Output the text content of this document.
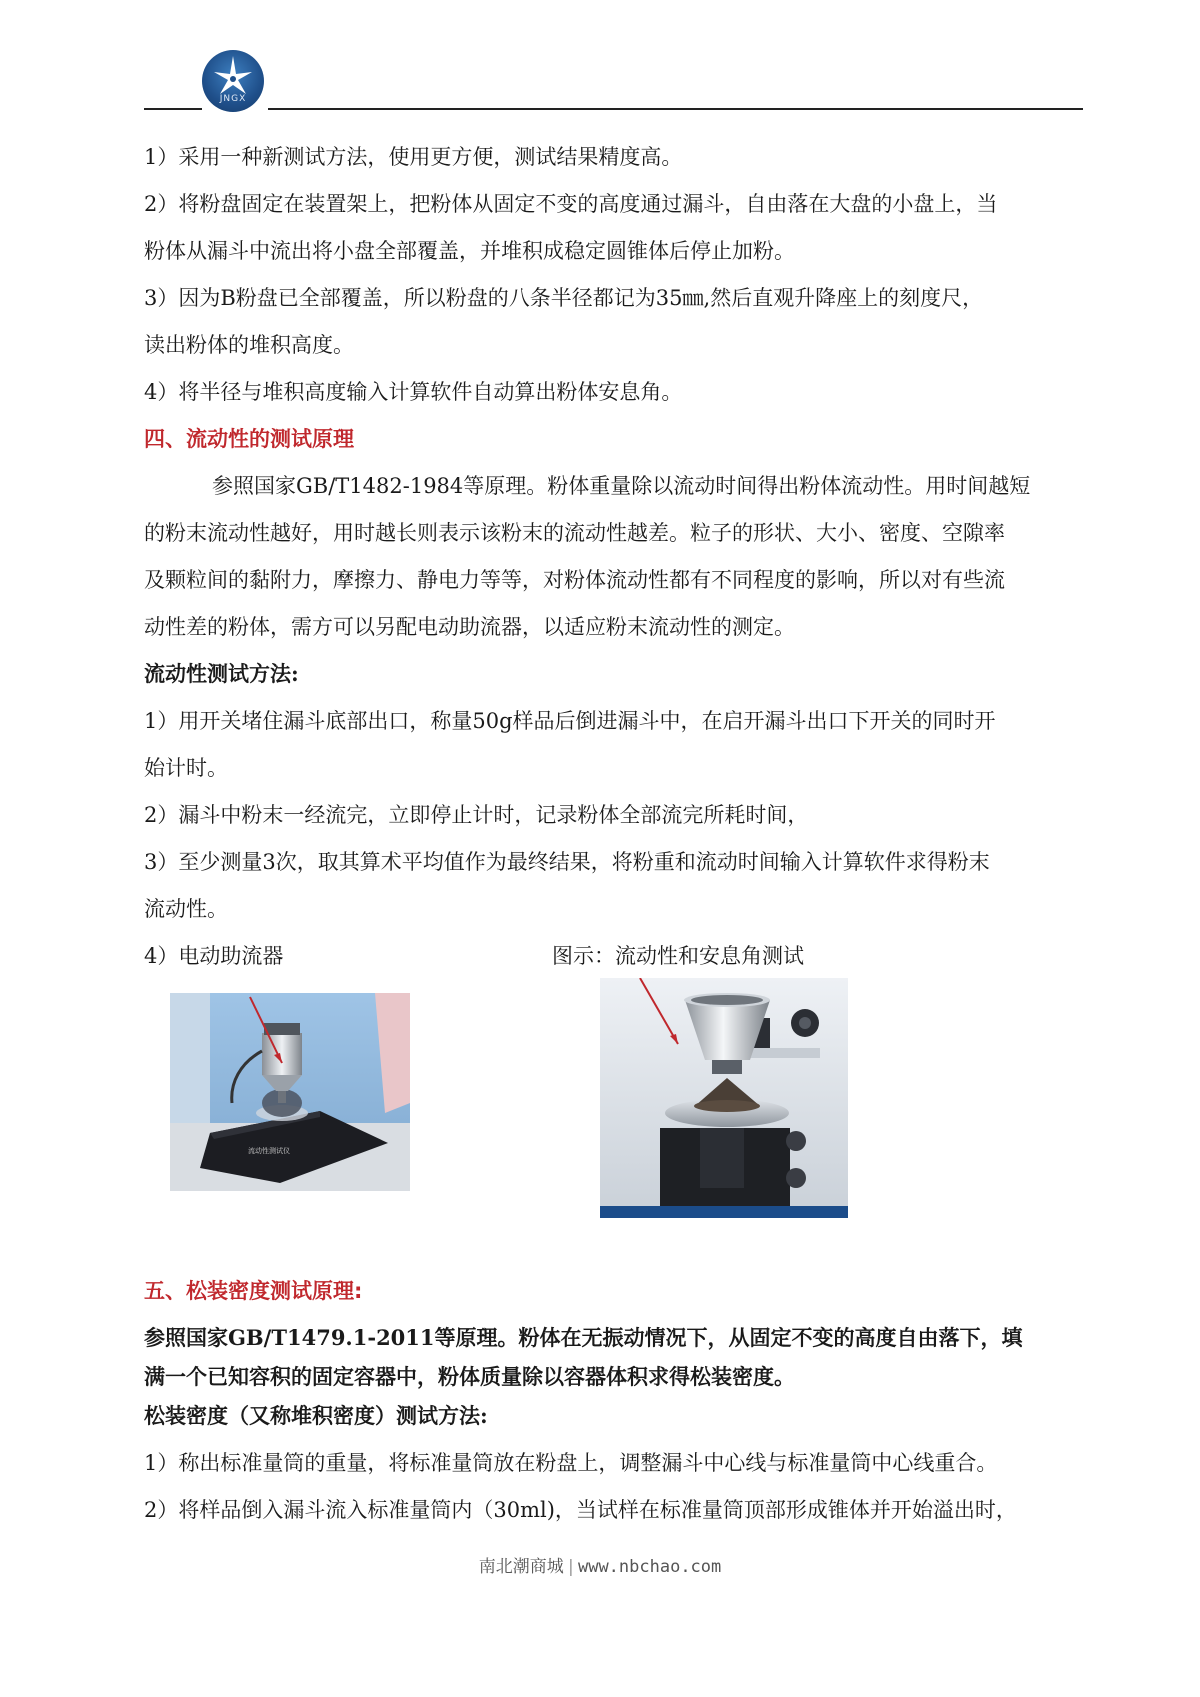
JNGX
1）采用一种新测试方法，使用更方便，测试结果精度高。
2）将粉盘固定在装置架上，把粉体从固定不变的高度通过漏斗，自由落在大盘的小盘上，当
粉体从漏斗中流出将小盘全部覆盖，并堆积成稳定圆锥体后停止加粉。
3）因为B粉盘已全部覆盖，所以粉盘的八条半径都记为35㎜,然后直观升降座上的刻度尺，
读出粉体的堆积高度。
4）将半径与堆积高度输入计算软件自动算出粉体安息角。
四、流动性的测试原理
参照国家GB/T1482-1984等原理。粉体重量除以流动时间得出粉体流动性。用时间越短
的粉末流动性越好，用时越长则表示该粉末的流动性越差。粒子的形状、大小、密度、空隙率
及颗粒间的黏附力，摩擦力、静电力等等，对粉体流动性都有不同程度的影响，所以对有些流
动性差的粉体，需方可以另配电动助流器，以适应粉末流动性的测定。
流动性测试方法:
1）用开关堵住漏斗底部出口，称量50g样品后倒进漏斗中，在启开漏斗出口下开关的同时开
始计时。
2）漏斗中粉末一经流完，立即停止计时，记录粉体全部流完所耗时间，
3）至少测量3次，取其算术平均值作为最终结果，将粉重和流动时间输入计算软件求得粉末
流动性。
4）电动助流器	图示：流动性和安息角测试
流动性测试仪
五、松装密度测试原理:
参照国家GB/T1479.1-2011等原理。粉体在无振动情况下，从固定不变的高度自由落下，填
满一个已知容积的固定容器中，粉体质量除以容器体积求得松装密度。
松装密度（又称堆积密度）测试方法:
1）称出标准量筒的重量，将标准量筒放在粉盘上，调整漏斗中心线与标准量筒中心线重合。
2）将样品倒入漏斗流入标准量筒内（30ml)，当试样在标准量筒顶部形成锥体并开始溢出时，
南北潮商城 | www.nbchao.com
